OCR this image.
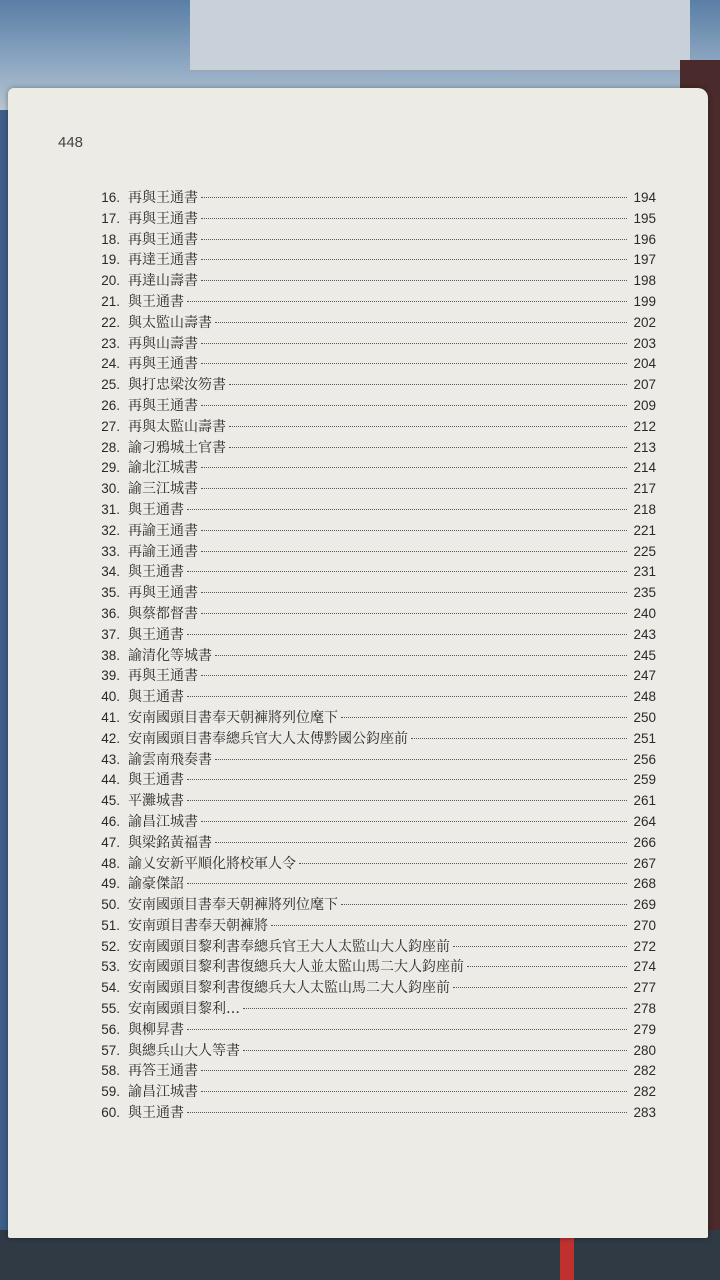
448
16. 再與王通書	194
17. 再與王通書	195
18. 再與王通書	196
19. 再達王通書	197
20. 再達山壽書	198
21. 與王通書	199
22. 與太監山壽書	202
23. 再與山壽書	203
24. 再與王通書	204
25. 與打忠梁汝笏書	207
26. 再與王通書	209
27. 再與太監山壽書	212
28. 諭刁鴉城土官書	213
29. 諭北江城書	214
30. 諭三江城書	217
31. 與王通書	218
32. 再諭王通書	221
33. 再諭王通書	225
34. 與王通書	231
35. 再與王通書	235
36. 與蔡都督書	240
37. 與王通書	243
38. 諭清化等城書	245
39. 再與王通書	247
40. 與王通書	248
41. 安南國頭目書奉天朝褲將列位麾下	250
42. 安南國頭目書奉總兵官大人太傅黔國公鈞座前	251
43. 諭雲南飛奏書	256
44. 與王通書	259
45. 平灘城書	261
46. 諭昌江城書	264
47. 與梁銘黃福書	266
48. 諭乂安新平順化將校軍人令	267
49. 諭豪傑詔	268
50. 安南國頭目書奉天朝褲將列位麾下	269
51. 安南頭目書奉天朝褲將	270
52. 安南國頭目黎利書奉總兵官王大人太監山大人鈞座前	272
53. 安南國頭目黎利書復總兵大人並太監山馬二大人鈞座前	274
54. 安南國頭目黎利書復總兵大人太監山馬二大人鈞座前	277
55. 安南國頭目黎利…	278
56. 與柳昇書	279
57. 與總兵山大人等書	280
58. 再答王通書	282
59. 諭昌江城書	282
60. 與王通書	283
